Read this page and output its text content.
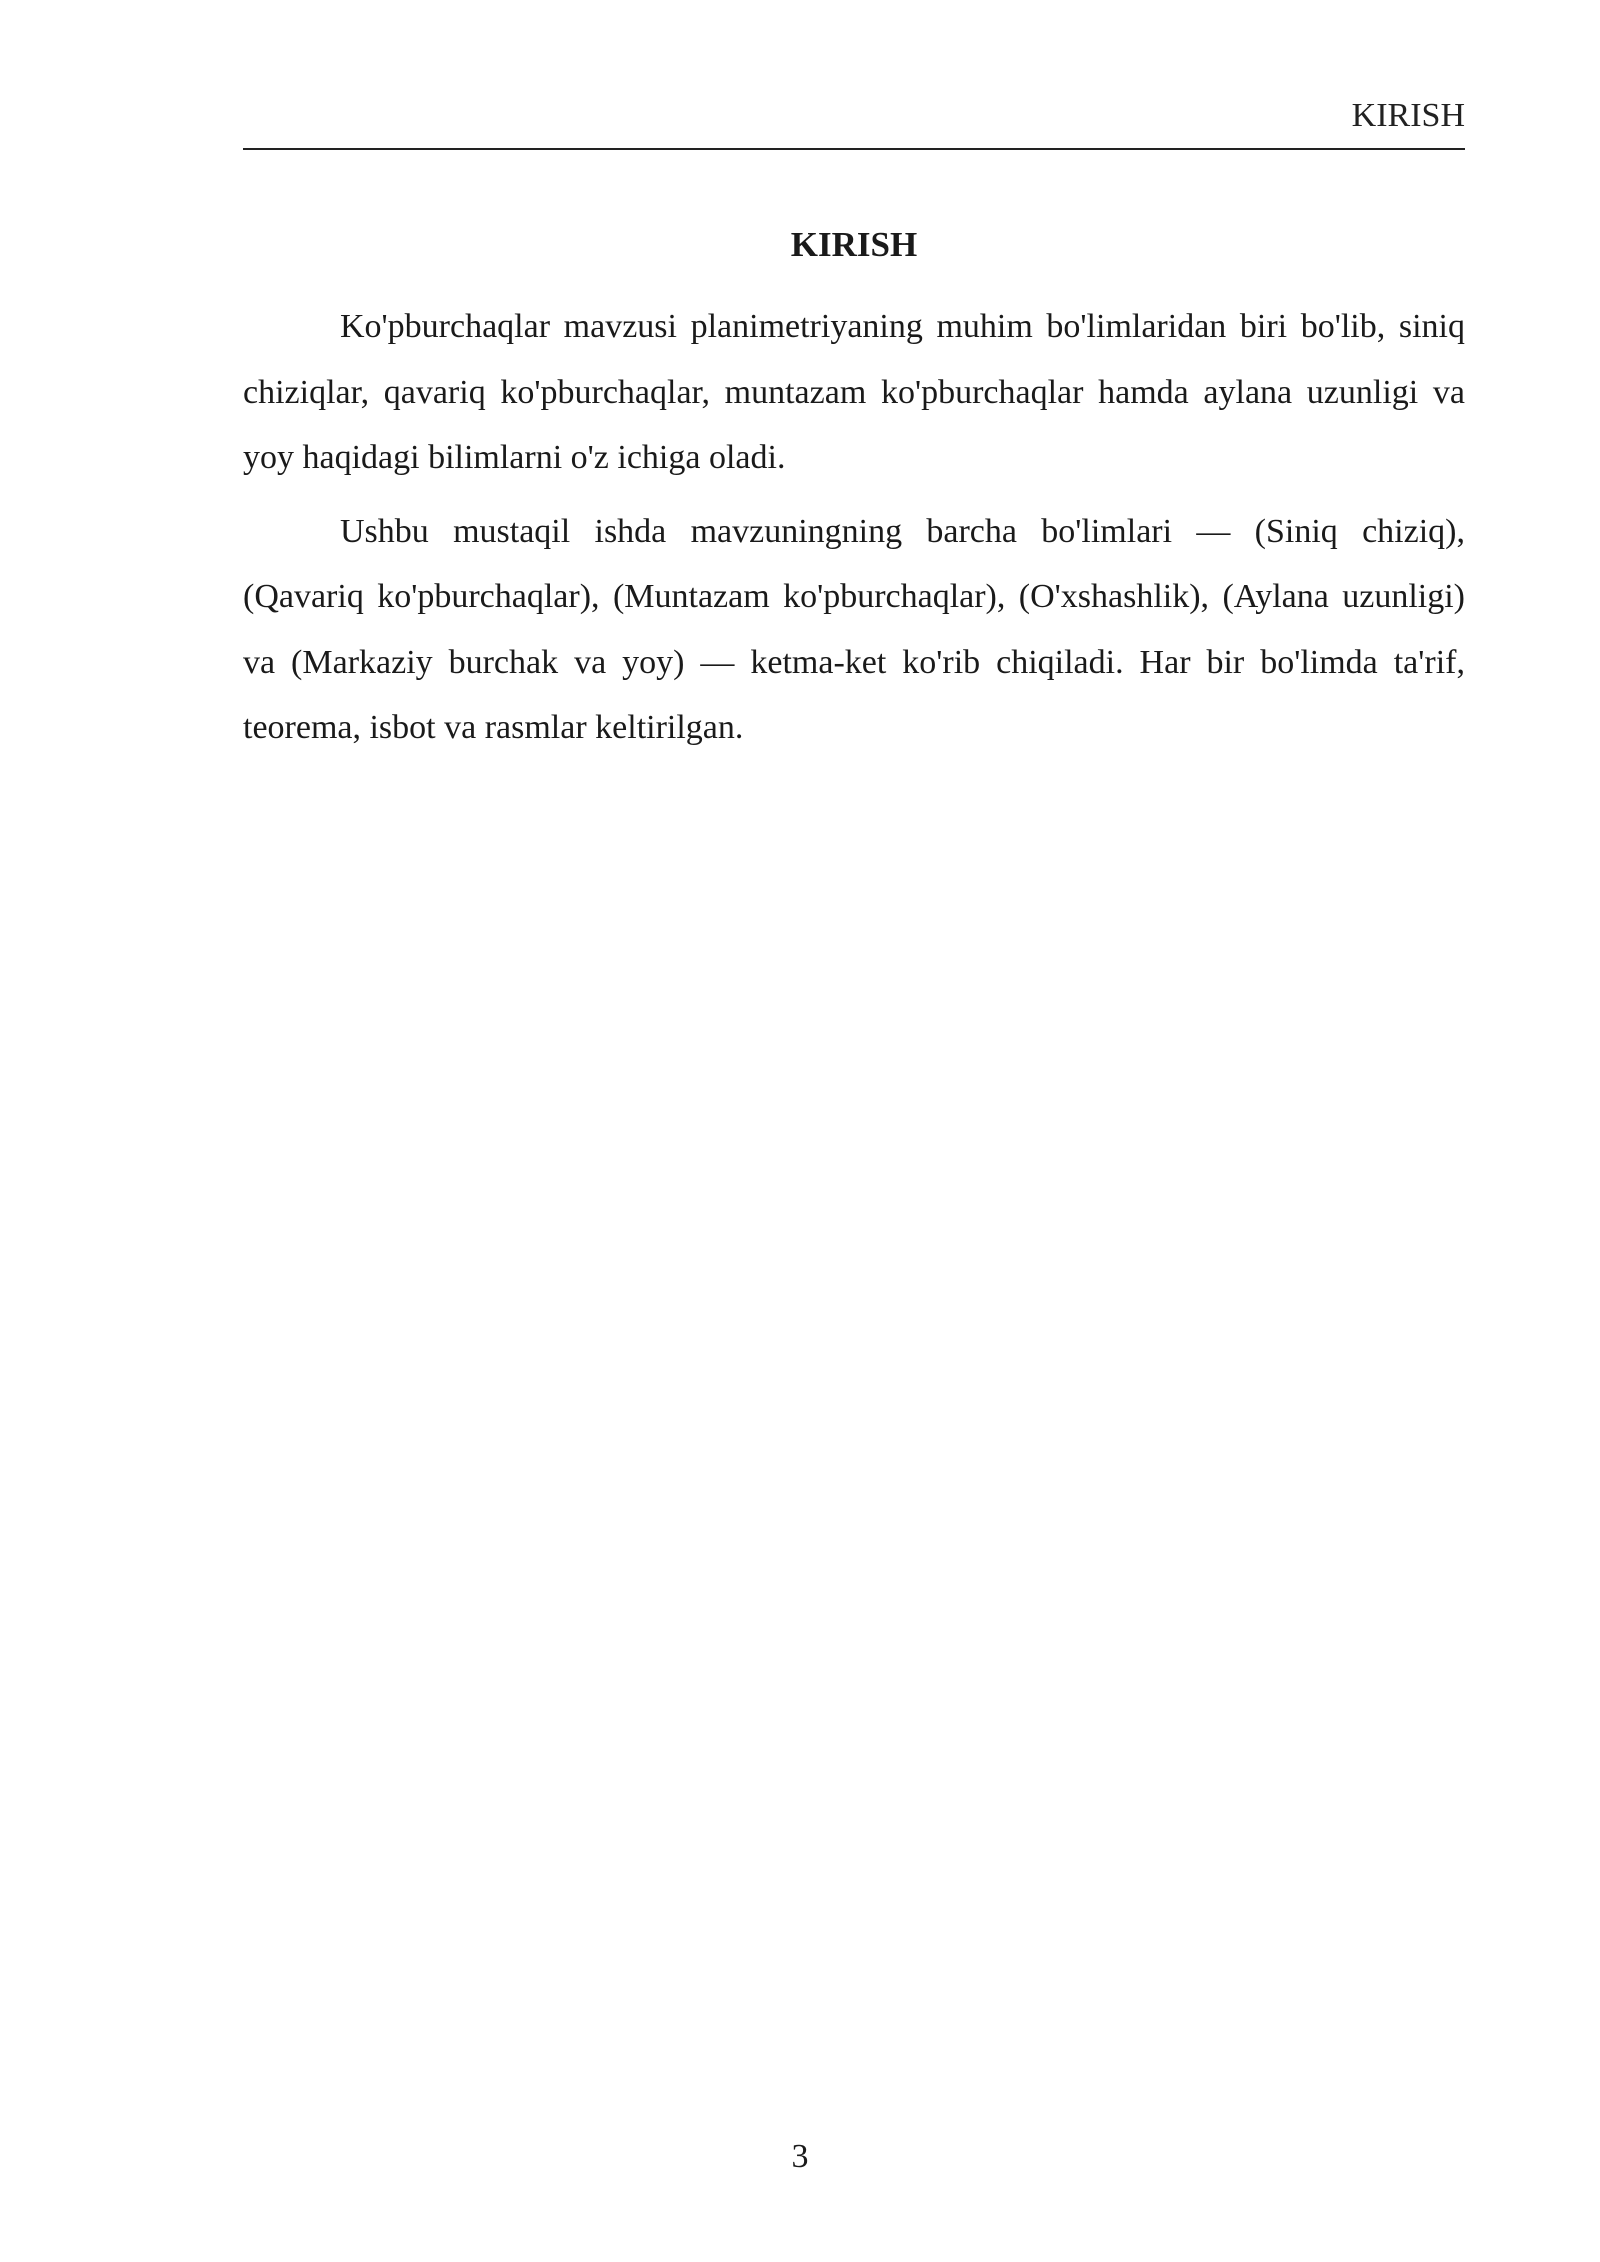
KIRISH
KIRISH

Ko'pburchaqlar mavzusi planimetriyaning muhim bo'limlaridan biri bo'lib, siniq chiziqlar, qavariq ko'pburchaqlar, muntazam ko'pburchaqlar hamda aylana uzunligi va yoy haqidagi bilimlarni o'z ichiga oladi.

Ushbu mustaqil ishda mavzuningning barcha bo'limlari — (Siniq chiziq), (Qavariq ko'pburchaqlar), (Muntazam ko'pburchaqlar), (O'xshashlik), (Aylana uzunligi) va (Markaziy burchak va yoy) — ketma-ket ko'rib chiqiladi. Har bir bo'limda ta'rif, teorema, isbot va rasmlar keltirilgan.

3
